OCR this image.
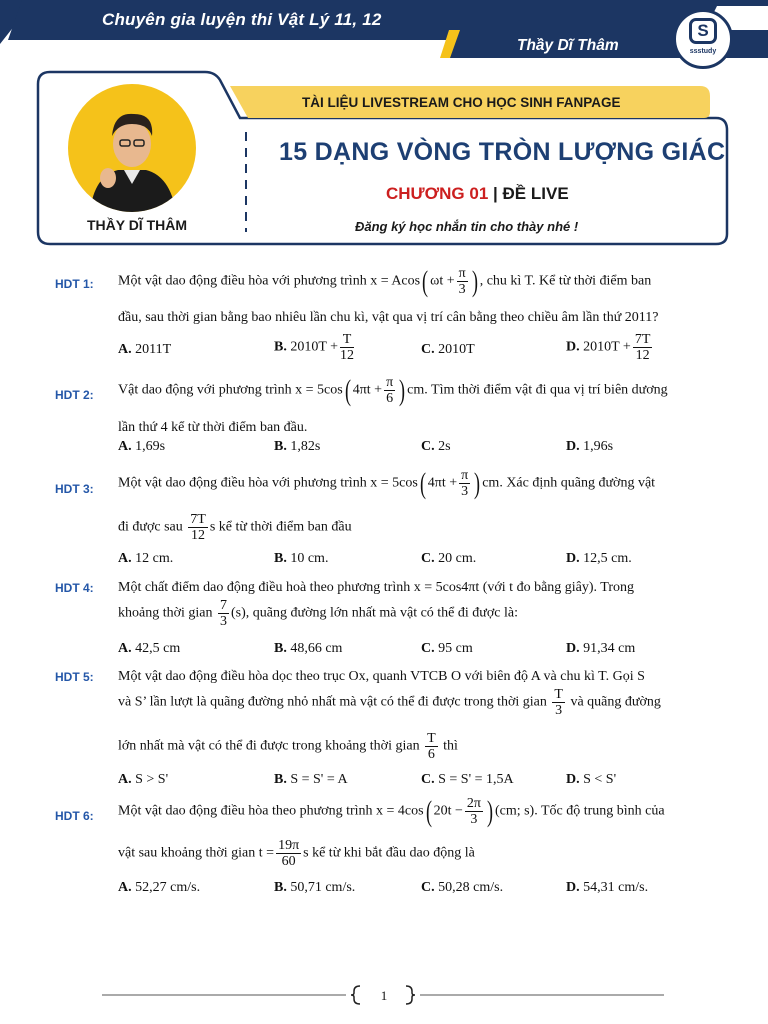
Chuyên gia luyện thi Vật Lý 11, 12
Thầy Dĩ Thâm
S
ssstudy
THẦY DĨ THÂM
TÀI LIỆU LIVESTREAM CHO HỌC SINH FANPAGE
15 DẠNG VÒNG TRÒN LƯỢNG GIÁC
CHƯƠNG 01 | ĐỀ LIVE
Đăng ký học nhắn tin cho thày nhé !
HDT 1: Một vật dao động điều hòa với phương trình x = Acos( $\omega t + \frac{\pi}{3}$ ) , chu kì T. Kể từ thời điểm ban
đầu, sau thời gian bằng bao nhiêu lần chu kì, vật qua vị trí cân bằng theo chiều âm lần thứ 2011?
A. 2011T	B. $2010T + \frac{T}{12}$	C. 2010T	D. $2010T + \frac{7T}{12}$
HDT 2: Vật dao động với phương trình x = 5cos( $4\pi t + \frac{\pi}{6}$ ) cm. Tìm thời điểm vật đi qua vị trí biên dương
lần thứ 4 kể từ thời điểm ban đầu.
A. 1,69s	B. 1,82s	C. 2s	D. 1,96s
HDT 3: Một vật dao động điều hòa với phương trình x = 5cos( $4\pi t + \frac{\pi}{3}$ ) cm. Xác định quãng đường vật
đi được sau $\frac{7T}{12}$ s kể từ thời điểm ban đầu
A. 12 cm.	B. 10 cm.	C. 20 cm.	D. 12,5 cm.
HDT 4: Một chất điểm dao động điều hoà theo phương trình x = 5cos4πt (với t đo bằng giây). Trong
khoảng thời gian $\frac{7}{3} (s)$, quãng đường lớn nhất mà vật có thể đi được là:
A. 42,5 cm	B. 48,66 cm	C. 95 cm	D. 91,34 cm
HDT 5: Một vật dao động điều hòa dọc theo trục Ox, quanh VTCB O với biên độ A và chu kì T. Gọi S
và S’ lần lượt là quãng đường nhỏ nhất mà vật có thể đi được trong thời gian $\frac{T}{3}$ và quãng đường
lớn nhất mà vật có thể đi được trong khoảng thời gian $\frac{T}{6}$ thì
A. S > S'	B. S = S' = A	C. S = S' = 1,5A	D. S < S'
HDT 6: Một vật dao động điều hòa theo phương trình x = 4cos( $20t - \frac{2\pi}{3}$ ) (cm; s). Tốc độ trung bình của
vật sau khoảng thời gian $t = \frac{19\pi}{60}$ s kể từ khi bắt đầu dao động là
A. 52,27 cm/s.	B. 50,71 cm/s.	C. 50,28 cm/s.	D. 54,31 cm/s.
1
